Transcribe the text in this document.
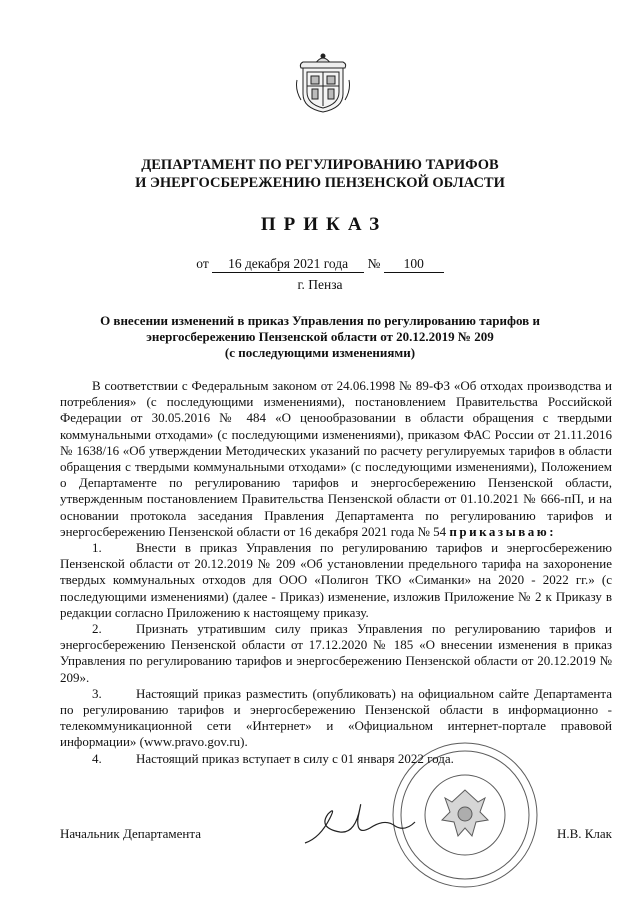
ДЕПАРТАМЕНТ ПО РЕГУЛИРОВАНИЮ ТАРИФОВ
И ЭНЕРГОСБЕРЕЖЕНИЮ ПЕНЗЕНСКОЙ ОБЛАСТИ
ПРИКАЗ
от 16 декабря 2021 года № 100
г. Пенза
О внесении изменений в приказ Управления по регулированию тарифов и
энергосбережению Пензенской области от 20.12.2019 № 209
(с последующими изменениями)

В соответствии с Федеральным законом от 24.06.1998 № 89-ФЗ «Об отходах производства и потребления» (с последующими изменениями), постановлением Правительства Российской Федерации от 30.05.2016 № 484 «О ценообразовании в области обращения с твердыми коммунальными отходами» (с последующими изменениями), приказом ФАС России от 21.11.2016 № 1638/16 «Об утверждении Методических указаний по расчету регулируемых тарифов в области обращения с твердыми коммунальными отходами» (с последующими изменениями), Положением о Департаменте по регулированию тарифов и энергосбережению Пензенской области, утвержденным постановлением Правительства Пензенской области от 01.10.2021 № 666-пП, и на основании протокола заседания Правления Департамента по регулированию тарифов и энергосбережению Пензенской области от 16 декабря 2021 года № 54 приказываю:

1.	Внести в приказ Управления по регулированию тарифов и энергосбережению Пензенской области от 20.12.2019 № 209 «Об установлении предельного тарифа на захоронение твердых коммунальных отходов для ООО «Полигон ТКО «Симанки» на 2020 - 2022 гг.» (с последующими изменениями) (далее - Приказ) изменение, изложив Приложение № 2 к Приказу в редакции согласно Приложению к настоящему приказу.

2.	Признать утратившим силу приказ Управления по регулированию тарифов и энергосбережению Пензенской области от 17.12.2020 № 185 «О внесении изменения в приказ Управления по регулированию тарифов и энергосбережению Пензенской области от 20.12.2019 № 209».

3.	Настоящий приказ разместить (опубликовать) на официальном сайте Департамента по регулированию тарифов и энергосбережению Пензенской области в информационно - телекоммуникационной сети «Интернет» и «Официальном интернет-портале правовой информации» (www.pravo.gov.ru).

4.	Настоящий приказ вступает в силу с 01 января 2022 года.

Начальник Департамента	Н.В. Клак
